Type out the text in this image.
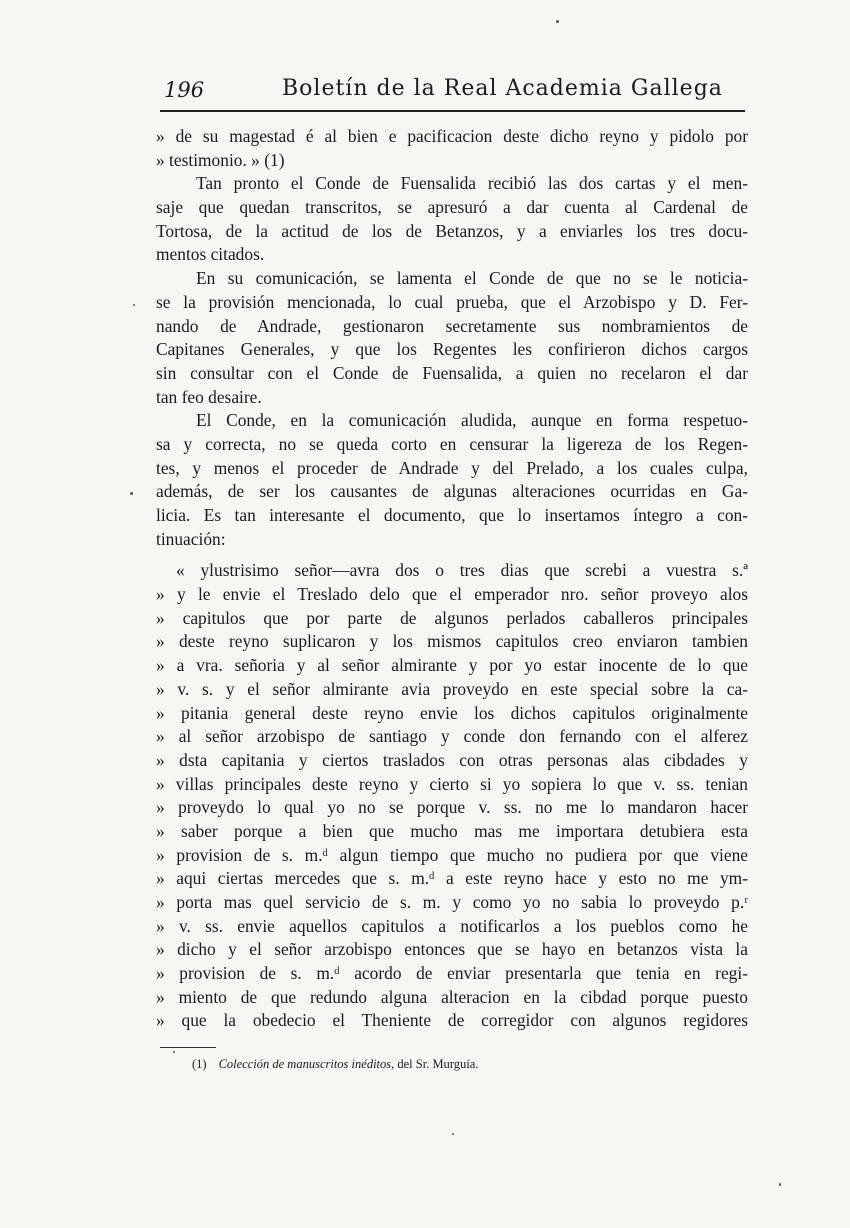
196	Boletín de la Real Academia Gallega
» de su magestad é al bien e pacificacion deste dicho reyno y pidolo por
» testimonio. » (1)
Tan pronto el Conde de Fuensalida recibió las dos cartas y el men-
saje que quedan transcritos, se apresuró a dar cuenta al Cardenal de
Tortosa, de la actitud de los de Betanzos, y a enviarles los tres docu-
mentos citados.
En su comunicación, se lamenta el Conde de que no se le noticia-
se la provisión mencionada, lo cual prueba, que el Arzobispo y D. Fer-
nando de Andrade, gestionaron secretamente sus nombramientos de
Capitanes Generales, y que los Regentes les confirieron dichos cargos
sin consultar con el Conde de Fuensalida, a quien no recelaron el dar
tan feo desaire.
El Conde, en la comunicación aludida, aunque en forma respetuo-
sa y correcta, no se queda corto en censurar la ligereza de los Regen-
tes, y menos el proceder de Andrade y del Prelado, a los cuales culpa,
además, de ser los causantes de algunas alteraciones ocurridas en Ga-
licia. Es tan interesante el documento, que lo insertamos íntegro a con-
tinuación:
« ylustrisimo señor—avra dos o tres dias que screbi a vuestra s.ª
» y le envie el Treslado delo que el emperador nro. señor proveyo alos
» capitulos que por parte de algunos perlados caballeros principales
» deste reyno suplicaron y los mismos capitulos creo enviaron tambien
» a vra. señoria y al señor almirante y por yo estar inocente de lo que
» v. s. y el señor almirante avia proveydo en este special sobre la ca-
» pitania general deste reyno envie los dichos capitulos originalmente
» al señor arzobispo de santiago y conde don fernando con el alferez
» dsta capitania y ciertos traslados con otras personas alas cibdades y
» villas principales deste reyno y cierto si yo sopiera lo que v. ss. tenian
» proveydo lo qual yo no se porque v. ss. no me lo mandaron hacer
» saber porque a bien que mucho mas me importara detubiera esta
» provision de s. m.ᵈ algun tiempo que mucho no pudiera por que viene
» aqui ciertas mercedes que s. m.ᵈ a este reyno hace y esto no me ym-
» porta mas quel servicio de s. m. y como yo no sabia lo proveydo p.ʳ
» v. ss. envie aquellos capitulos a notificarlos a los pueblos como he
» dicho y el señor arzobispo entonces que se hayo en betanzos vista la
» provision de s. m.ᵈ acordo de enviar presentarla que tenia en regi-
» miento de que redundo alguna alteracion en la cibdad porque puesto
» que la obedecio el Theniente de corregidor con algunos regidores
(1) Colección de manuscritos inéditos, del Sr. Murguía.
